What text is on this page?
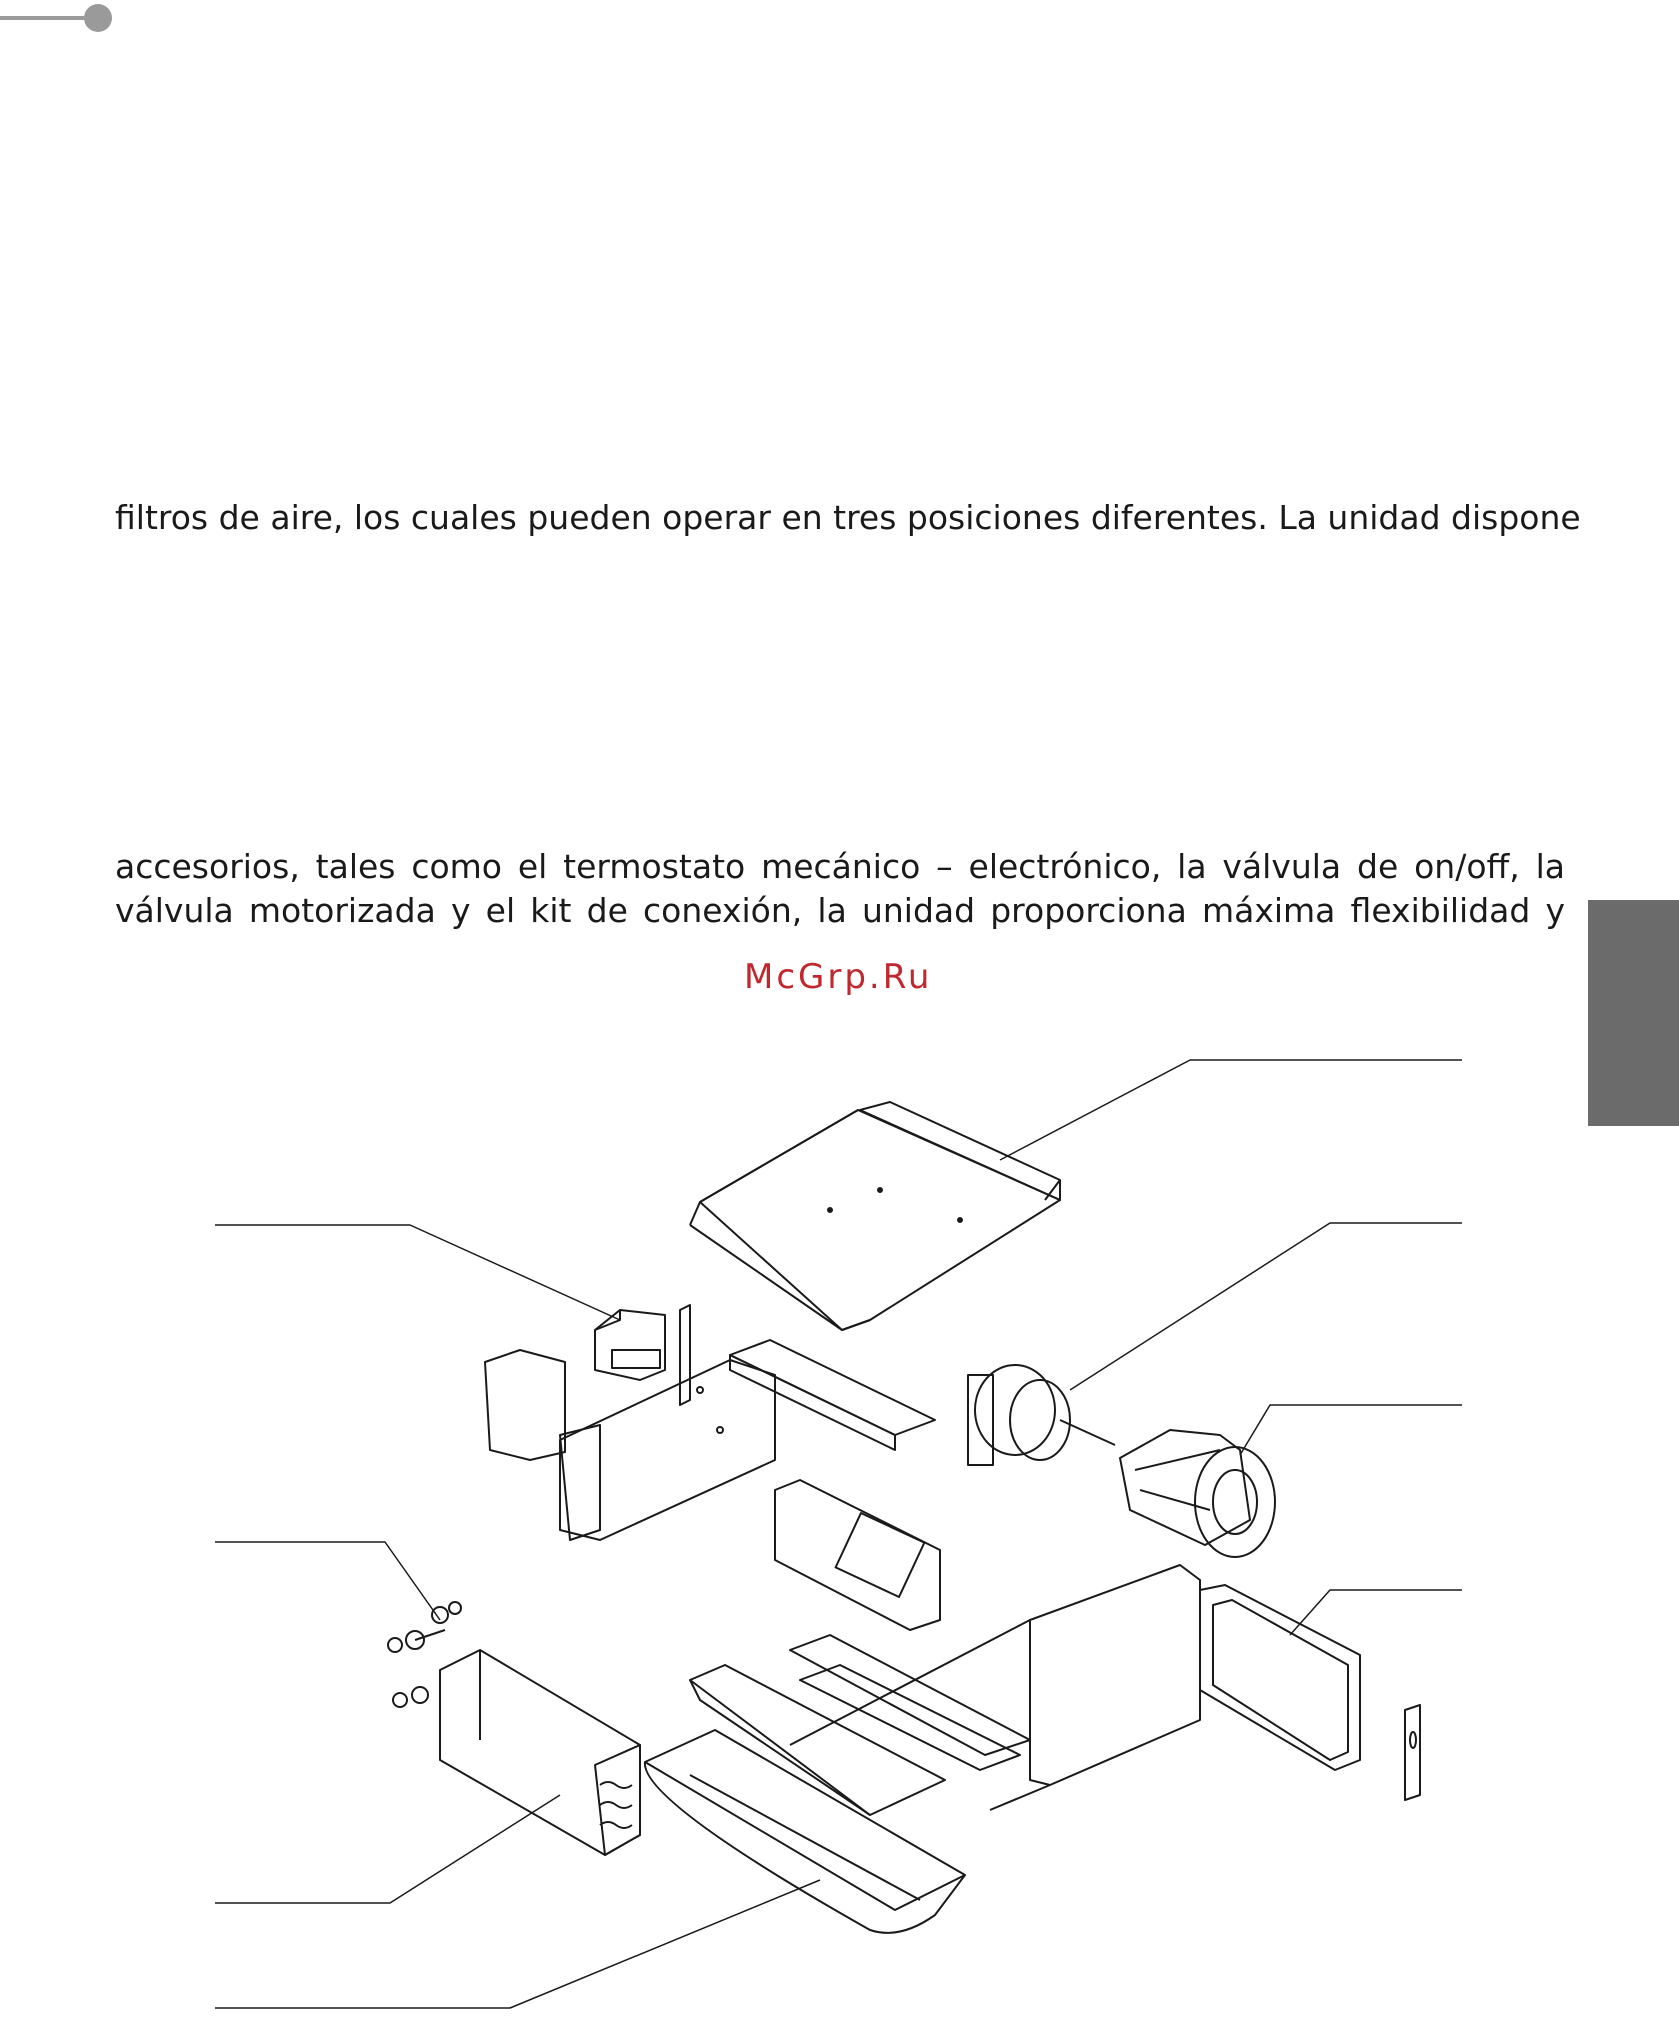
filtros de aire, los cuales pueden operar en tres posiciones diferentes. La unidad dispone

accesorios, tales como el termostato mecánico – electrónico, la válvula de on/off, la
válvula motorizada y el kit de conexión, la unidad proporciona máxima flexibilidad y
McGrp.Ru
